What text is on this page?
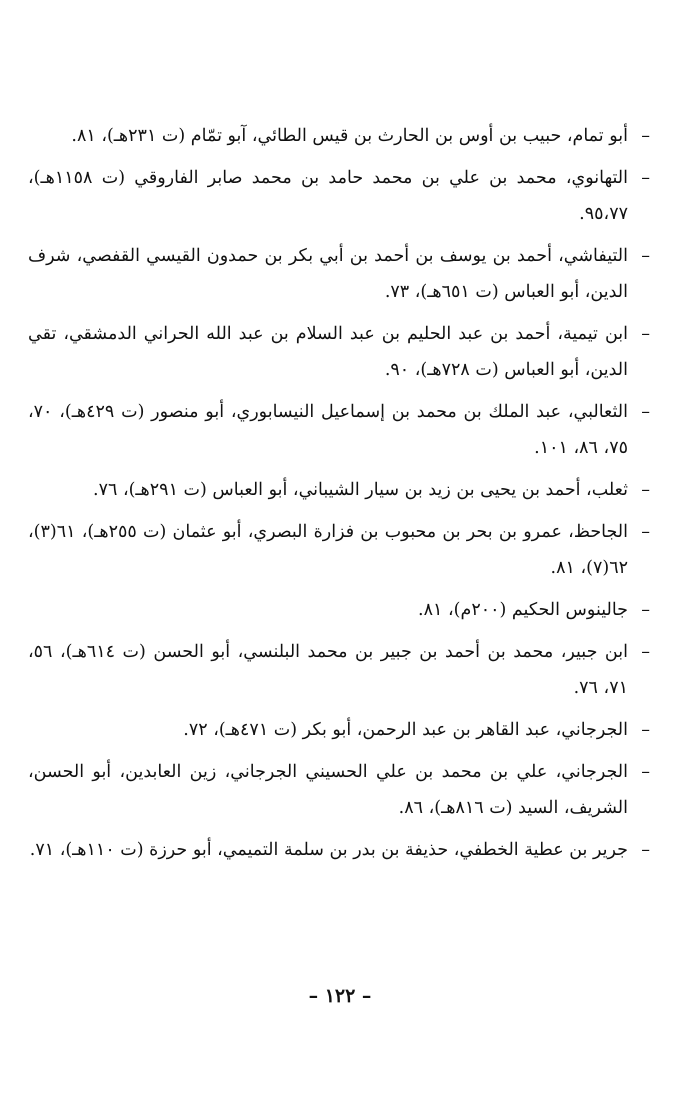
–
أبو تمام، حبيب بن أوس بن الحارث بن قيس الطائي، آبو تمّام (ت ٢٣١هـ)، ٨١.
–
التهانوي، محمد بن علي بن محمد حامد بن محمد صابر الفاروقي (ت ١١٥٨هـ)، ٩٥،٧٧.
–
التيفاشي، أحمد بن يوسف بن أحمد بن أبي بكر بن حمدون القيسي القفصي، شرف الدين، أبو العباس (ت ٦٥١هـ)، ٧٣.
–
ابن تيمية، أحمد بن عبد الحليم بن عبد السلام بن عبد الله الحراني الدمشقي، تقي الدين، أبو العباس (ت ٧٢٨هـ)، ٩٠.
–
الثعالبي، عبد الملك بن محمد بن إسماعيل النيسابوري، أبو منصور (ت ٤٢٩هـ)، ٧٠، ٧٥، ٨٦، ١٠١.
–
ثعلب، أحمد بن يحيى بن زيد بن سيار الشيباني، أبو العباس (ت ٢٩١هـ)، ٧٦.
–
الجاحظ، عمرو بن بحر بن محبوب بن فزارة البصري، أبو عثمان (ت ٢٥٥هـ)، ٦١(٣)، ٦٢(٧)، ٨١.
–
جالينوس الحكيم (٢٠٠م)، ٨١.
–
ابن جبير، محمد بن أحمد بن جبير بن محمد البلنسي، أبو الحسن (ت ٦١٤هـ)، ٥٦، ٧١، ٧٦.
–
الجرجاني، عبد القاهر بن عبد الرحمن، أبو بكر (ت ٤٧١هـ)، ٧٢.
–
الجرجاني، علي بن محمد بن علي الحسيني الجرجاني، زين العابدين، أبو الحسن، الشريف، السيد (ت ٨١٦هـ)، ٨٦.
–
جرير بن عطية الخطفي، حذيفة بن بدر بن سلمة التميمي، أبو حرزة (ت ١١٠هـ)، ٧١.
– ١٢٢ –
